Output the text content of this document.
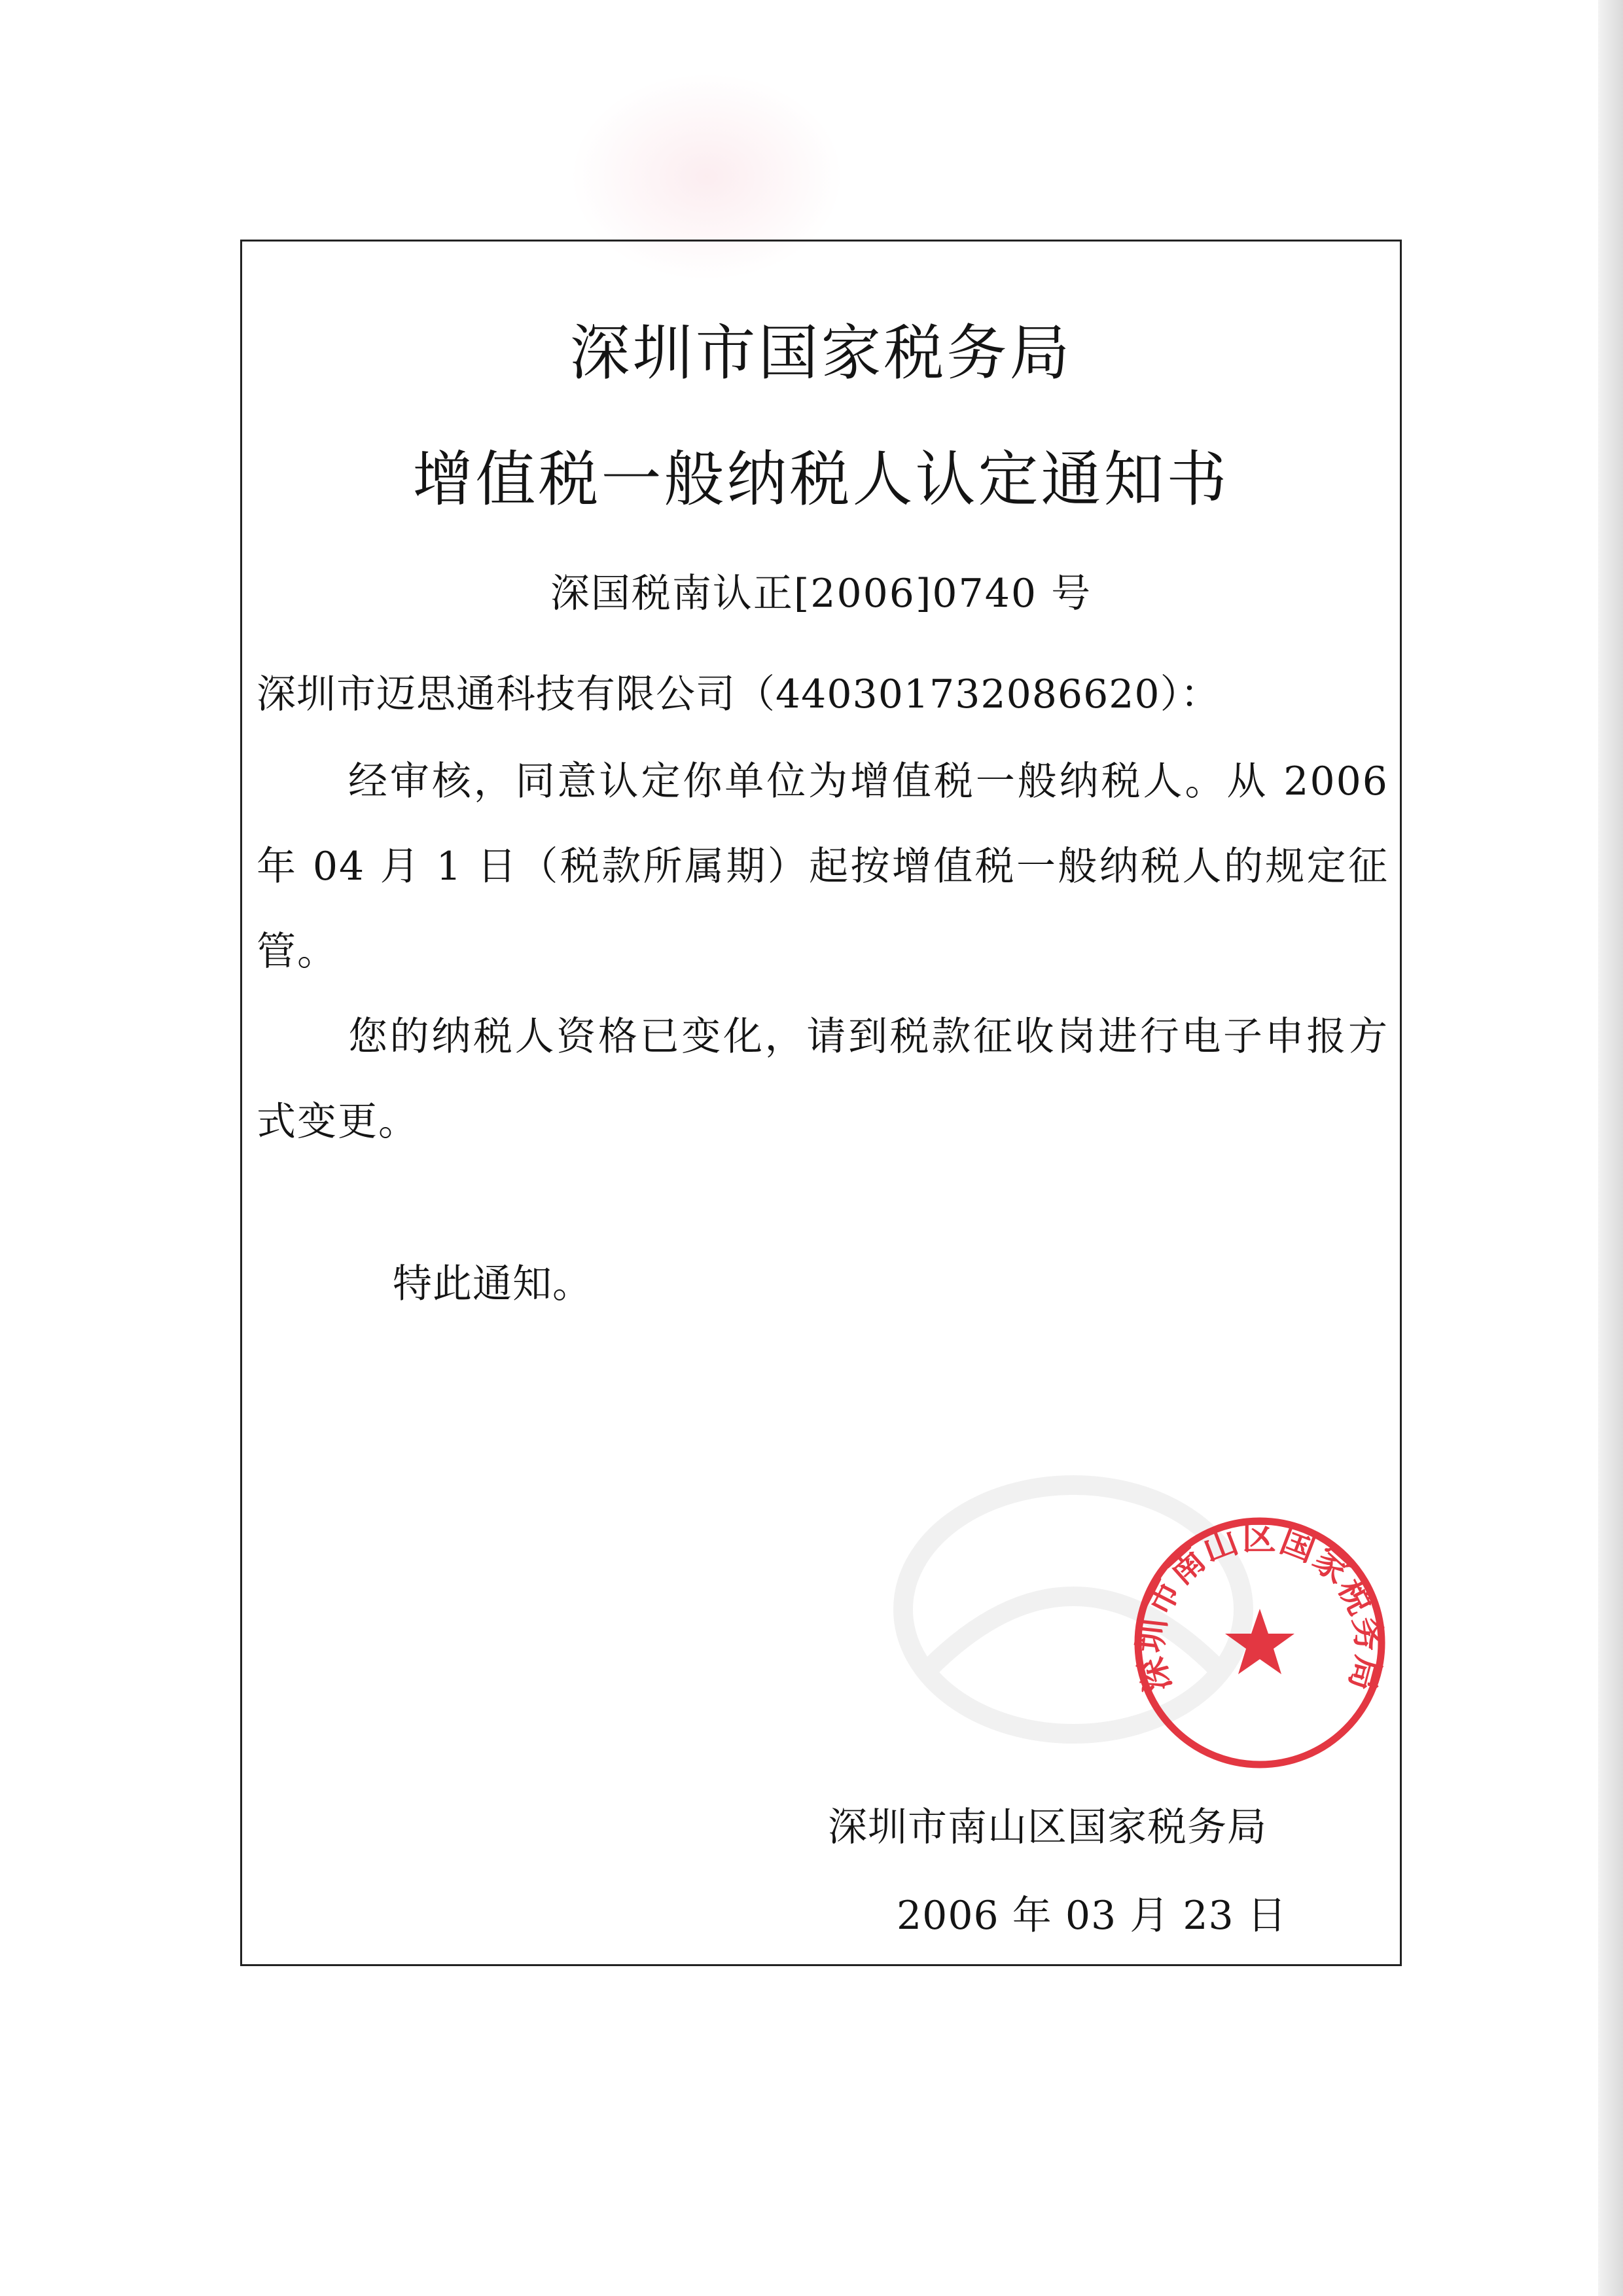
深圳市国家税务局
增值税一般纳税人认定通知书
深国税南认正[2006]0740 号
深圳市迈思通科技有限公司（440301732086620）：
经审核，同意认定你单位为增值税一般纳税人。从 2006 年 04 月 1 日（税款所属期）起按增值税一般纳税人的规定征管。
您的纳税人资格已变化，请到税款征收岗进行电子申报方式变更。
特此通知。
深圳市南山区国家税务局
2006 年 03 月 23 日
深圳市南山区国家税务局
